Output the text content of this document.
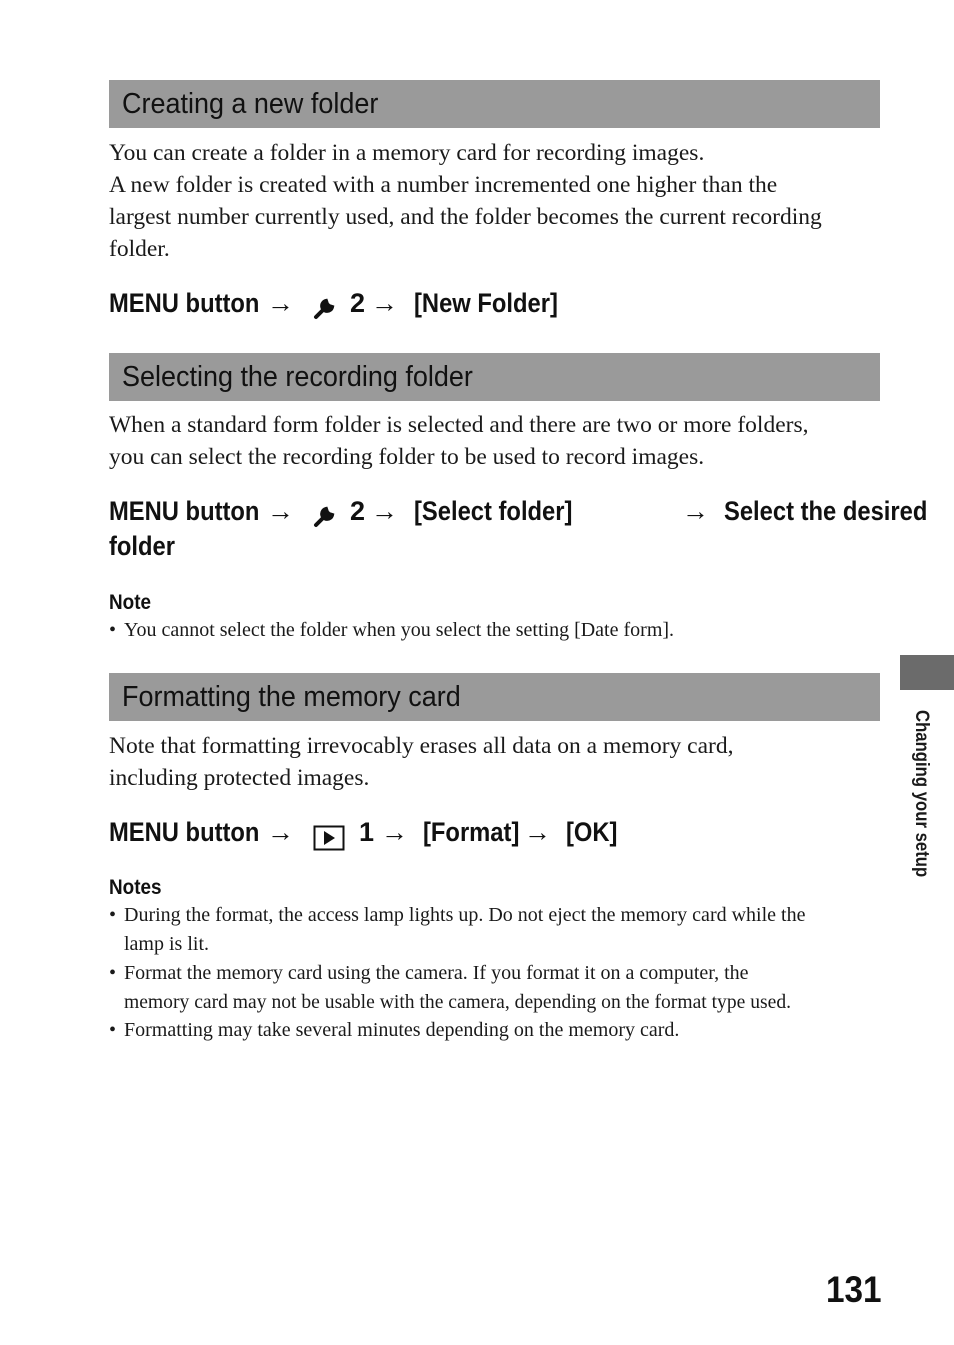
Creating a new folder
You can create a folder in a memory card for recording images.
A new folder is created with a number incremented one higher than the
largest number currently used, and the folder becomes the current recording
folder.
MENU button → 2 → [New Folder]
Selecting the recording folder
When a standard form folder is selected and there are two or more folders,
you can select the recording folder to be used to record images.
MENU button → 2 → [Select folder]	→ Select the desired
folder
Note
• You cannot select the folder when you select the setting [Date form].
Formatting the memory card
Note that formatting irrevocably erases all data on a memory card,
including protected images.
MENU button → 1 → [Format] → [OK]
Notes
• During the format, the access lamp lights up. Do not eject the memory card while the
lamp is lit.
• Format the memory card using the camera. If you format it on a computer, the
memory card may not be usable with the camera, depending on the format type used.
• Formatting may take several minutes depending on the memory card.
Changing your setup
131
